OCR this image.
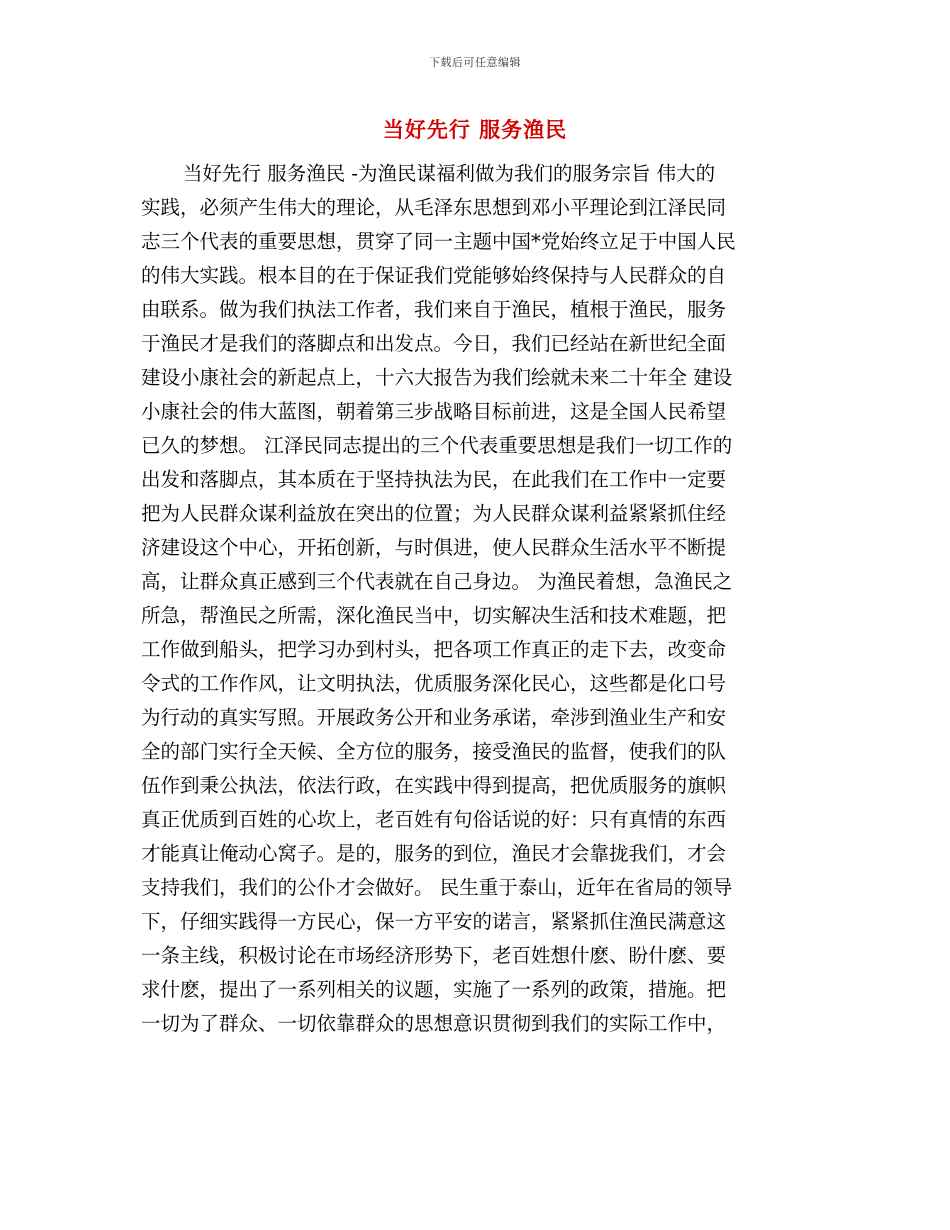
下载后可任意编辑
当好先行 服务渔民
当好先行 服务渔民 -为渔民谋福利做为我们的服务宗旨 伟大的
实践，必须产生伟大的理论，从毛泽东思想到邓小平理论到江泽民同
志三个代表的重要思想，贯穿了同一主题中国*党始终立足于中国人民
的伟大实践。根本目的在于保证我们党能够始终保持与人民群众的自
由联系。做为我们执法工作者，我们来自于渔民，植根于渔民，服务
于渔民才是我们的落脚点和出发点。今日，我们已经站在新世纪全面
建设小康社会的新起点上，十六大报告为我们绘就未来二十年全 建设
小康社会的伟大蓝图，朝着第三步战略目标前进，这是全国人民希望
已久的梦想。 江泽民同志提出的三个代表重要思想是我们一切工作的
出发和落脚点，其本质在于坚持执法为民，在此我们在工作中一定要
把为人民群众谋利益放在突出的位置；为人民群众谋利益紧紧抓住经
济建设这个中心，开拓创新，与时俱进，使人民群众生活水平不断提
高，让群众真正感到三个代表就在自己身边。 为渔民着想，急渔民之
所急，帮渔民之所需，深化渔民当中，切实解决生活和技术难题，把
工作做到船头，把学习办到村头，把各项工作真正的走下去，改变命
令式的工作作风，让文明执法，优质服务深化民心，这些都是化口号
为行动的真实写照。开展政务公开和业务承诺，牵涉到渔业生产和安
全的部门实行全天候、全方位的服务，接受渔民的监督，使我们的队
伍作到秉公执法，依法行政，在实践中得到提高，把优质服务的旗帜
真正优质到百姓的心坎上，老百姓有句俗话说的好：只有真情的东西
才能真让俺动心窝子。是的，服务的到位，渔民才会靠拢我们，才会
支持我们，我们的公仆才会做好。 民生重于泰山，近年在省局的领导
下，仔细实践得一方民心，保一方平安的诺言，紧紧抓住渔民满意这
一条主线，积极讨论在市场经济形势下，老百姓想什麽、盼什麽、要
求什麽，提出了一系列相关的议题，实施了一系列的政策，措施。把
一切为了群众、一切依靠群众的思想意识贯彻到我们的实际工作中，
